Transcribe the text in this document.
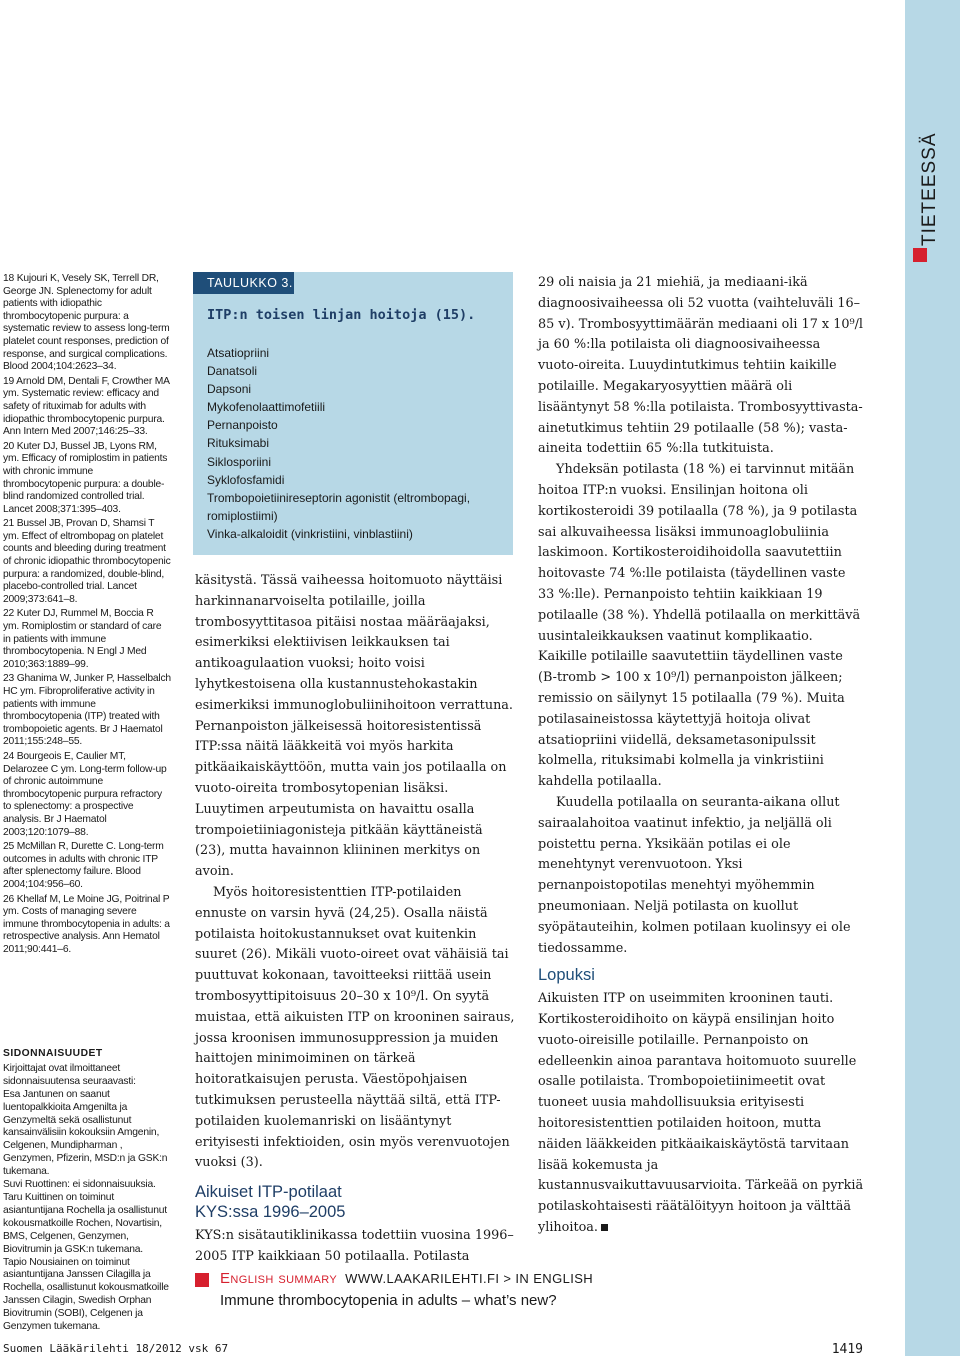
TIETEESSÄ

18 Kujouri K, Vesely SK, Terrell DR, George JN. Splenectomy for adult patients with idiopathic thrombocytopenic purpura: a systematic review to assess long-term platelet count responses, prediction of response, and surgical complications. Blood 2004;104:2623–34.

19 Arnold DM, Dentali F, Crowther MA ym. Systematic review: efficacy and safety of rituximab for adults with idiopathic thrombocytopenic purpura. Ann Intern Med 2007;146:25–33.

20 Kuter DJ, Bussel JB, Lyons RM, ym. Efficacy of romiplostim in patients with chronic immune thrombocytopenic purpura: a double-blind randomized controlled trial. Lancet 2008;371:395–403.

21 Bussel JB, Provan D, Shamsi T ym. Effect of eltrombopag on platelet counts and bleeding during treatment of chronic idiopathic thrombocytopenic purpura: a randomized, double-blind, placebo-controlled trial. Lancet 2009;373:641–8.

22 Kuter DJ, Rummel M, Boccia R ym. Romiplostim or standard of care in patients with immune thrombocytopenia. N Engl J Med 2010;363:1889–99.

23 Ghanima W, Junker P, Hasselbalch HC ym. Fibroproliferative activity in patients with immune thrombocytopenia (ITP) treated with trombopoietic agents. Br J Haematol 2011;155:248–55.

24 Bourgeois E, Caulier MT, Delarozee C ym. Long-term follow-up of chronic autoimmune thrombocytopenic purpura refractory to splenectomy: a prospective analysis. Br J Haematol 2003;120:1079–88.

25 McMillan R, Durette C. Long-term outcomes in adults with chronic ITP after splenectomy failure. Blood 2004;104:956–60.

26 Khellaf M, Le Moine JG, Poitrinal P ym. Costs of managing severe immune thrombocytopenia in adults: a retrospective analysis. Ann Hematol 2011;90:441–6.

SIDONNAISUUDET
Kirjoittajat ovat ilmoittaneet sidonnaisuutensa seuraavasti:
Esa Jantunen on saanut luentopalkkioita Amgenilta ja Genzymeltä sekä osallistunut kansainvälisiin kokouksiin Amgenin, Celgenen, Mundipharman , Genzymen, Pfizerin, MSD:n ja GSK:n tukemana.
Suvi Ruottinen: ei sidonnaisuuksia.
Taru Kuittinen on toiminut asiantuntijana Rochella ja osallistunut kokousmatkoille Rochen, Novartisin, BMS, Celgenen, Genzymen, Biovitrumin ja GSK:n tukemana.
Tapio Nousiainen on toiminut asiantuntijana Janssen Cilagilla ja Rochella, osallistunut kokousmatkoille Janssen Cilagin, Swedish Orphan Biovitrumin (SOBI), Celgenen ja Genzymen tukemana.
TAULUKKO 3.
ITP:n toisen linjan hoitoja (15).
Atsatiopriini
Danatsoli
Dapsoni
Mykofenolaattimofetiili
Pernanpoisto
Rituksimabi
Siklosporiini
Syklofosfamidi
Trombopoietiinireseptorin agonistit (eltrombopagi, romiplostiimi)
Vinka-alkaloidit (vinkristiini, vinblastiini)

käsitystä. Tässä vaiheessa hoitomuoto näyttäisi harkinnanarvoiselta potilaille, joilla trombosyyttitasoa pitäisi nostaa määräajaksi, esimerkiksi elektiivisen leikkauksen tai antikoagulaation vuoksi; hoito voisi lyhytkestoisena olla kustannustehokastakin esimerkiksi immunoglobuliinihoitoon verrattuna. Pernanpoiston jälkeisessä hoitoresistentissä ITP:ssa näitä lääkkeitä voi myös harkita pitkäaikaiskäyttöön, mutta vain jos potilaalla on vuoto-oireita trombosytopenian lisäksi. Luuytimen arpeutumista on havaittu osalla trompoietiiniagonisteja pitkään käyttäneistä (23), mutta havainnon kliininen merkitys on avoin.

Myös hoitoresistenttien ITP-potilaiden ennuste on varsin hyvä (24,25). Osalla näistä potilaista hoitokustannukset ovat kuitenkin suuret (26). Mikäli vuoto-oireet ovat vähäisiä tai puuttuvat kokonaan, tavoitteeksi riittää usein trombosyyttipitoisuus 20–30 x 10⁹/l. On syytä muistaa, että aikuisten ITP on krooninen sairaus, jossa kroonisen immunosuppression ja muiden haittojen minimoiminen on tärkeä hoitoratkaisujen perusta. Väestöpohjaisen tutkimuksen perusteella näyttää siltä, että ITP-potilaiden kuolemanriski on lisääntynyt erityisesti infektioiden, osin myös verenvuotojen vuoksi (3).

Aikuiset ITP-potilaat
KYS:ssa 1996–2005

KYS:n sisätautiklinikassa todettiin vuosina 1996–2005 ITP kaikkiaan 50 potilaalla. Potilasta

29 oli naisia ja 21 miehiä, ja mediaani-ikä diagnoosivaiheessa oli 52 vuotta (vaihteluväli 16–85 v). Trombosyyttimäärän mediaani oli 17 x 10⁹/l ja 60 %:lla potilaista oli diagnoosivaiheessa vuoto-oireita. Luuydintutkimus tehtiin kaikille potilaille. Megakaryosyyttien määrä oli lisääntynyt 58 %:lla potilaista. Trombosyyttivasta-ainetutkimus tehtiin 29 potilaalle (58 %); vasta-aineita todettiin 65 %:lla tutkituista.

Yhdeksän potilasta (18 %) ei tarvinnut mitään hoitoa ITP:n vuoksi. Ensilinjan hoitona oli kortikosteroidi 39 potilaalla (78 %), ja 9 potilasta sai alkuvaiheessa lisäksi immunoaglobuliinia laskimoon. Kortikosteroidihoidolla saavutettiin hoitovaste 74 %:lle potilaista (täydellinen vaste 33 %:lle). Pernanpoisto tehtiin kaikkiaan 19 potilaalle (38 %). Yhdellä potilaalla on merkittävä uusintaleikkauksen vaatinut komplikaatio. Kaikille potilaille saavutettiin täydellinen vaste (B-tromb > 100 x 10⁹/l) pernanpoiston jälkeen; remissio on säilynyt 15 potilaalla (79 %). Muita potilasaineistossa käytettyjä hoitoja olivat atsatiopriini viidellä, deksametasonipulssit kolmella, rituksimabi kolmella ja vinkristiini kahdella potilaalla.

Kuudella potilaalla on seuranta-aikana ollut sairaalahoitoa vaatinut infektio, ja neljällä oli poistettu perna. Yksikään potilas ei ole menehtynyt verenvuotoon. Yksi pernanpoistopotilas menehtyi myöhemmin pneumoniaan. Neljä potilasta on kuollut syöpätauteihin, kolmen potilaan kuolinsyy ei ole tiedossamme.

Lopuksi

Aikuisten ITP on useimmiten krooninen tauti. Kortikosteroidihoito on käypä ensilinjan hoito vuoto-oireisille potilaille. Pernanpoisto on edelleenkin ainoa parantava hoitomuoto suurelle osalle potilaista. Trombopoietiinimeetit ovat tuoneet uusia mahdollisuuksia erityisesti hoitoresistenttien potilaiden hoitoon, mutta näiden lääkkeiden pitkäaikaiskäytöstä tarvitaan lisää kokemusta ja kustannusvaikuttavuusarvioita. Tärkeää on pyrkiä potilaskohtaisesti räätälöityyn hoitoon ja välttää ylihoitoa.

English summary WWW.LAAKARILEHTI.FI > IN ENGLISH
Immune thrombocytopenia in adults – what’s new?
Suomen Lääkärilehti 18/2012 vsk 67	1419
